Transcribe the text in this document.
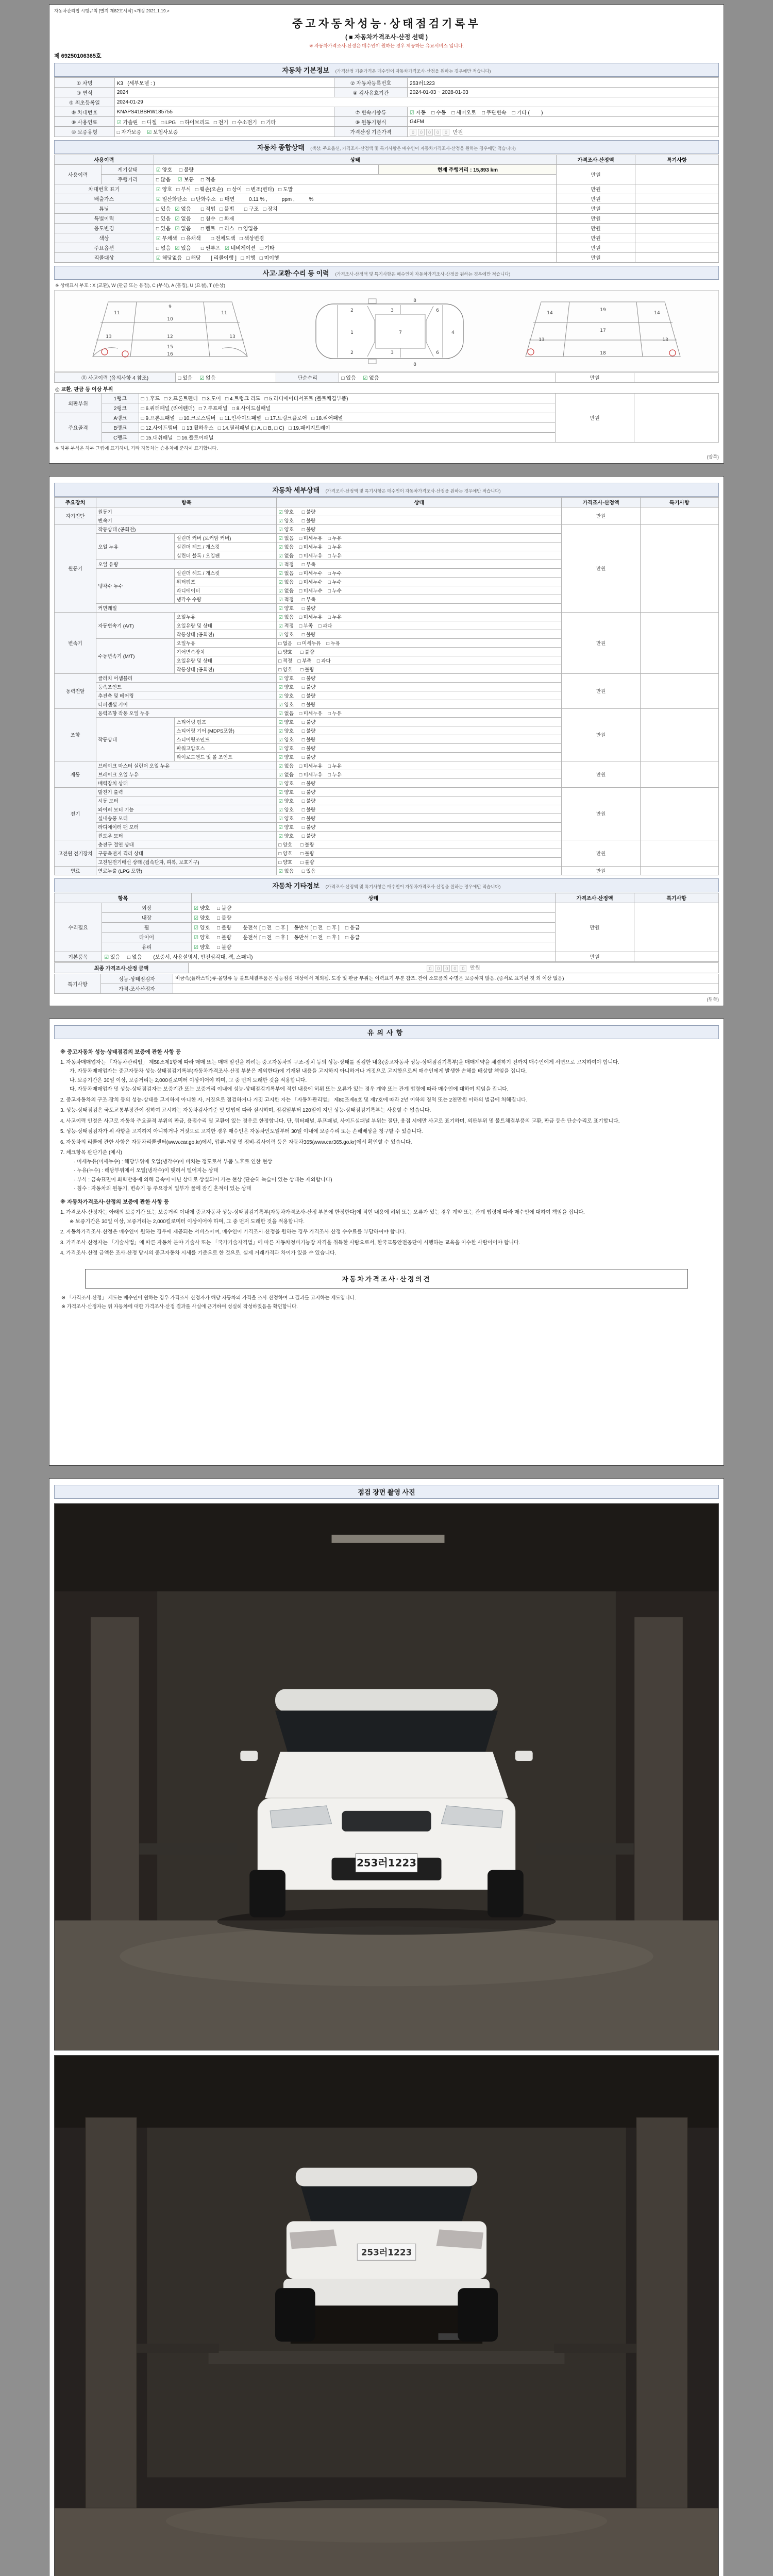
자동차관리법 시행규칙 [별지 제82호서식] <개정 2021.1.19.>
중고자동차성능·상태점검기록부
( ■ 자동차가격조사·산정 선택 )
※ 자동차가격조사·산정은 매수인이 원하는 경우 제공하는 유료서비스 입니다.
제 69250106365호
자동차 기본정보 (가격산정 기준가격은 매수인이 자동차가격조사·산정을 원하는 경우에만 적습니다)
① 차명	K3   (세부모델 : )	② 자동차등록번호	253러1223
③ 연식	2024	④ 검사유효기간	2024-01-03 ~ 2028-01-03
⑤ 최초등록일	2024-01-29		
⑥ 차대번호	KNAPS41BBRW185755	⑦ 변속기종류	☑ 자동    □ 수동    □ 세미오토    □ 무단변속    □ 기타 (        )
⑧ 사용연료	☑ 가솔린   □ 디젤   □ LPG   □ 하이브리드   □ 전기   □ 수소전기   □ 기타	⑨ 원동기형식	G4FM
⑩ 보증유형	□ 자가보증    ☑ 보험사보증	가격산정 기준가격	0 0 0 0 0 만원
자동차 종합상태 (색상, 주요옵션, 가격조사·산정액 및 특기사항은 매수인이 자동차가격조사·산정을 원하는 경우에만 적습니다)
사용이력		상태		가격조사·산정액	특기사항
사용이력	계기상태	☑ 양호     □ 불량	현재 주행거리 : 15,893 km	만원	
	주행거리	□ 많음     ☑ 보통     □ 적음			
차대번호 표기		☑ 양호   □ 부식   □ 훼손(오손)   □ 상이   □ 변조(변타)   □ 도말		만원	
배출가스		☑ 일산화탄소   □ 탄화수소   □ 매연          0.11 % ,          ppm ,          %		만원	
튜닝		□ 있음   ☑ 없음       □ 적법   □ 불법       □ 구조   □ 장치		만원	
특별이력		□ 있음   ☑ 없음       □ 침수   □ 화재		만원	
용도변경		□ 있음   ☑ 없음       □ 렌트   □ 리스   □ 영업용		만원	
색상		☑ 무채색   □ 유채색       □ 전체도색   □ 색상변경		만원	
주요옵션		□ 없음   ☑ 있음       □ 썬루프   ☑ 네비게이션   □ 기타		만원	
리콜대상		☑ 해당없음   □ 해당       [ 리콜이행 ]   □ 이행   □ 미이행		만원	
사고·교환·수리 등 이력 (가격조사·산정액 및 특기사항은 매수인이 자동차가격조사·산정을 원하는 경우에만 적습니다)
※ 상태표시 부호 : X (교환), W (판금 또는 용접), C (부식), A (흠집), U (요철), T (손상)
9
10
11	11
12
13	13
15
16
1
2
2
3
3
4
6
6
7
8
8
19
17
18
14	14
13	13
⑪ 사고이력 (유의사항 4 참조)	□ 있음     ☑ 없음	단순수리	□ 있음     ☑ 없음	만원	
◎ 교환, 판금 등 이상 부위
외판부위	1랭크	□ 1.후드   □ 2.프론트펜더   □ 3.도어   □ 4.트렁크 리드   □ 5.라디에이터서포트 (볼트체결부품)	만원	
	2랭크	□ 6.쿼터패널 (리어펜더)   □ 7.루프패널   □ 8.사이드실패널		
주요골격	A랭크	□ 9.프론트패널   □ 10.크로스멤버   □ 11.인사이드패널   □ 17.트렁크플로어   □ 18.리어패널		
	B랭크	□ 12.사이드멤버   □ 13.휠하우스   □ 14.필러패널 (□ A, □ B, □ C)   □ 19.패키지트레이		
	C랭크	□ 15.대쉬패널   □ 16.플로어패널		
※ 하부 부식은 하부 그림에 표기하며, 기타 자동차는 승용차에 준하여 표기합니다.
(앞쪽)
자동차 세부상태 (가격조사·산정액 및 특기사항은 매수인이 자동차가격조사·산정을 원하는 경우에만 적습니다)
주요장치	항목		상태	가격조사·산정액	특기사항
자기진단	원동기		☑ 양호      □ 불량	만원	
	변속기		☑ 양호      □ 불량		
원동기	작동상태 (공회전)		☑ 양호      □ 불량	만원	
	오일 누유	실린더 커버 (로커암 커버)	☑ 없음    □ 미세누유    □ 누유		
		실린더 헤드 / 개스킷	☑ 없음    □ 미세누유    □ 누유		
		실린더 블록 / 오일팬	☑ 없음    □ 미세누유    □ 누유		
	오일 유량		☑ 적정      □ 부족		
	냉각수 누수	실린더 헤드 / 개스킷	☑ 없음    □ 미세누수    □ 누수		
		워터펌프	☑ 없음    □ 미세누수    □ 누수		
		라디에이터	☑ 없음    □ 미세누수    □ 누수		
		냉각수 수량	☑ 적정      □ 부족		
	커먼레일		☑ 양호      □ 불량		
변속기	자동변속기 (A/T)	오일누유	☑ 없음    □ 미세누유    □ 누유	만원	
		오일유량 및 상태	☑ 적정    □ 부족    □ 과다		
		작동상태 (공회전)	☑ 양호      □ 불량		
	수동변속기 (M/T)	오일누유	□ 없음    □ 미세누유    □ 누유		
		기어변속장치	□ 양호      □ 불량		
		오일유량 및 상태	□ 적정    □ 부족    □ 과다		
		작동상태 (공회전)	□ 양호      □ 불량		
동력전달	클러치 어셈블리		☑ 양호      □ 불량	만원	
	등속조인트		☑ 양호      □ 불량		
	추진축 및 베어링		☑ 양호      □ 불량		
	디퍼렌셜 기어		☑ 양호      □ 불량		
조향	동력조향 작동 오일 누유		☑ 없음    □ 미세누유    □ 누유	만원	
	작동상태	스티어링 펌프	☑ 양호      □ 불량		
		스티어링 기어 (MDPS포함)	☑ 양호      □ 불량		
		스티어링조인트	☑ 양호      □ 불량		
		파워고압호스	☑ 양호      □ 불량		
		타이로드엔드 및 볼 조인트	☑ 양호      □ 불량		
제동	브레이크 마스터 실린더 오일 누유		☑ 없음    □ 미세누유    □ 누유	만원	
	브레이크 오일 누유		☑ 없음    □ 미세누유    □ 누유		
	배력장치 상태		☑ 양호      □ 불량		
전기	발전기 출력		☑ 양호      □ 불량	만원	
	시동 모터		☑ 양호      □ 불량		
	와이퍼 모터 기능		☑ 양호      □ 불량		
	실내송풍 모터		☑ 양호      □ 불량		
	라디에이터 팬 모터		☑ 양호      □ 불량		
	윈도우 모터		☑ 양호      □ 불량		
고전원 전기장치	충전구 절연 상태		□ 양호      □ 불량	만원	
	구동축전지 격리 상태		□ 양호      □ 불량		
	고전원전기배선 상태 (접속단자, 피복, 보호기구)		□ 양호      □ 불량		
연료	연료누출 (LPG 포함)		☑ 없음      □ 있음	만원	
자동차 기타정보 (가격조사·산정액 및 특기사항은 매수인이 자동차가격조사·산정을 원하는 경우에만 적습니다)
항목		상태	가격조사·산정액	특기사항
수리필요	외장	☑ 양호     □ 불량	만원	
	내장	☑ 양호     □ 불량		
	휠	☑ 양호     □ 불량        운전석 [ □ 전   □ 후 ]    동반석 [ □ 전   □ 후 ]    □ 응급		
	타이어	☑ 양호     □ 불량        운전석 [ □ 전   □ 후 ]    동반석 [ □ 전   □ 후 ]    □ 응급		
	유리	☑ 양호     □ 불량		
기본품목	☑ 있음     □ 없음        (보증서, 사용설명서, 안전삼각대, 잭, 스패너)		만원	
최종 가격조사·산정 금액	0 0 0 0 0 만원
특기사항	성능·상태점검자	비금속(플라스틱)류·몰딩류 등 볼트체결부품은 성능점검 대상에서 제외됨. 도장 및 판금 부위는 이력표기 부분 참조. 잔여 소모품의 수명은 보증하지 않음. (증서로 표기된 것 외 이상 없음)
	가격·조사산정자	
(뒤쪽)
유의사항
※ 중고자동차 성능·상태점검의 보증에 관한 사항 등
1. 자동차매매업자는 「자동차관리법」 제58조제1항에 따라 매매 또는 매매 알선을 하려는 중고자동차의 구조·장치 등의 성능·상태를 점검한 내용(중고자동차 성능·상태점검기록부)을 매매계약을 체결하기 전까지 매수인에게 서면으로 고지하여야 합니다.
가. 자동차매매업자는 중고자동차 성능·상태점검기록부(자동차가격조사·산정 부분은 제외한다)에 기재된 내용을 고지하지 아니하거나 거짓으로 고지함으로써 매수인에게 발생한 손해를 배상할 책임을 집니다.
나. 보증기간은 30일 이상, 보증거리는 2,000킬로미터 이상이어야 하며, 그 중 먼저 도래한 것을 적용합니다.
다. 자동차매매업자 및 성능·상태점검자는 보증기간 또는 보증거리 이내에 성능·상태점검기록부에 적힌 내용에 허위 또는 오류가 있는 경우 계약 또는 관계 법령에 따라 매수인에 대하여 책임을 집니다.
2. 중고자동차의 구조·장치 등의 성능·상태를 고지하지 아니한 자, 거짓으로 점검하거나 거짓 고지한 자는 「자동차관리법」 제80조제6호 및 제7호에 따라 2년 이하의 징역 또는 2천만원 이하의 벌금에 처해집니다.
3. 성능·상태점검은 국토교통부장관이 정하여 고시하는 자동차검사기준 및 방법에 따라 실시하며, 점검일부터 120일이 지난 성능·상태점검기록부는 사용할 수 없습니다.
4. 사고이력 인정은 사고로 자동차 주요골격 부위의 판금, 용접수리 및 교환이 있는 경우로 한정합니다. 단, 쿼터패널, 루프패널, 사이드실패널 부위는 절단, 용접 시에만 사고로 표기하며, 외판부위 및 볼트체결부품의 교환, 판금 등은 단순수리로 표기합니다.
5. 성능·상태점검자가 위 사항을 고지하지 아니하거나 거짓으로 고지한 경우 매수인은 자동차인도일부터 30일 이내에 보증수리 또는 손해배상을 청구할 수 있습니다.
6. 자동차의 리콜에 관한 사항은 자동차리콜센터(www.car.go.kr)에서, 압류·저당 및 정비·검사이력 등은 자동차365(www.car365.go.kr)에서 확인할 수 있습니다.
7. 체크항목 판단기준 (예시)
· 미세누유(미세누수) : 해당부위에 오일(냉각수)이 비치는 정도로서 부품 노후로 인한 현상
· 누유(누수) : 해당부위에서 오일(냉각수)이 맺혀서 떨어지는 상태
· 부식 : 금속표면이 화학반응에 의해 금속이 아닌 상태로 상실되어 가는 현상 (단순히 녹슬어 있는 상태는 제외합니다)
· 침수 : 자동차의 원동기, 변속기 등 주요장치 일부가 물에 잠긴 흔적이 있는 상태
※ 자동차가격조사·산정의 보증에 관한 사항 등
1. 가격조사·산정자는 아래의 보증기간 또는 보증거리 이내에 중고자동차 성능·상태점검기록부(자동차가격조사·산정 부분에 한정한다)에 적힌 내용에 허위 또는 오류가 있는 경우 계약 또는 관계 법령에 따라 매수인에 대하여 책임을 집니다.
※ 보증기간은 30일 이상, 보증거리는 2,000킬로미터 이상이어야 하며, 그 중 먼저 도래한 것을 적용합니다.
2. 자동차가격조사·산정은 매수인이 원하는 경우에 제공되는 서비스이며, 매수인이 가격조사·산정을 원하는 경우 가격조사·산정 수수료를 부담하여야 합니다.
3. 가격조사·산정자는 「기술사법」에 따른 자동차 분야 기술사 또는 「국가기술자격법」에 따른 자동차정비기능장 자격을 취득한 사람으로서, 한국교통안전공단이 시행하는 교육을 이수한 사람이어야 합니다.
4. 가격조사·산정 금액은 조사·산정 당시의 중고자동차 시세를 기준으로 한 것으로, 실제 거래가격과 차이가 있을 수 있습니다.
자동차가격조사·산정의견
※ 「가격조사·산정」 제도는 매수인이 원하는 경우 가격조사·산정자가 해당 자동차의 가격을 조사·산정하여 그 결과를 고지하는 제도입니다.
※ 가격조사·산정자는 위 자동차에 대한 가격조사·산정 결과를 사실에 근거하여 성실히 작성하였음을 확인합니다.
점검 장면 촬영 사진
253러1223
253러1223
